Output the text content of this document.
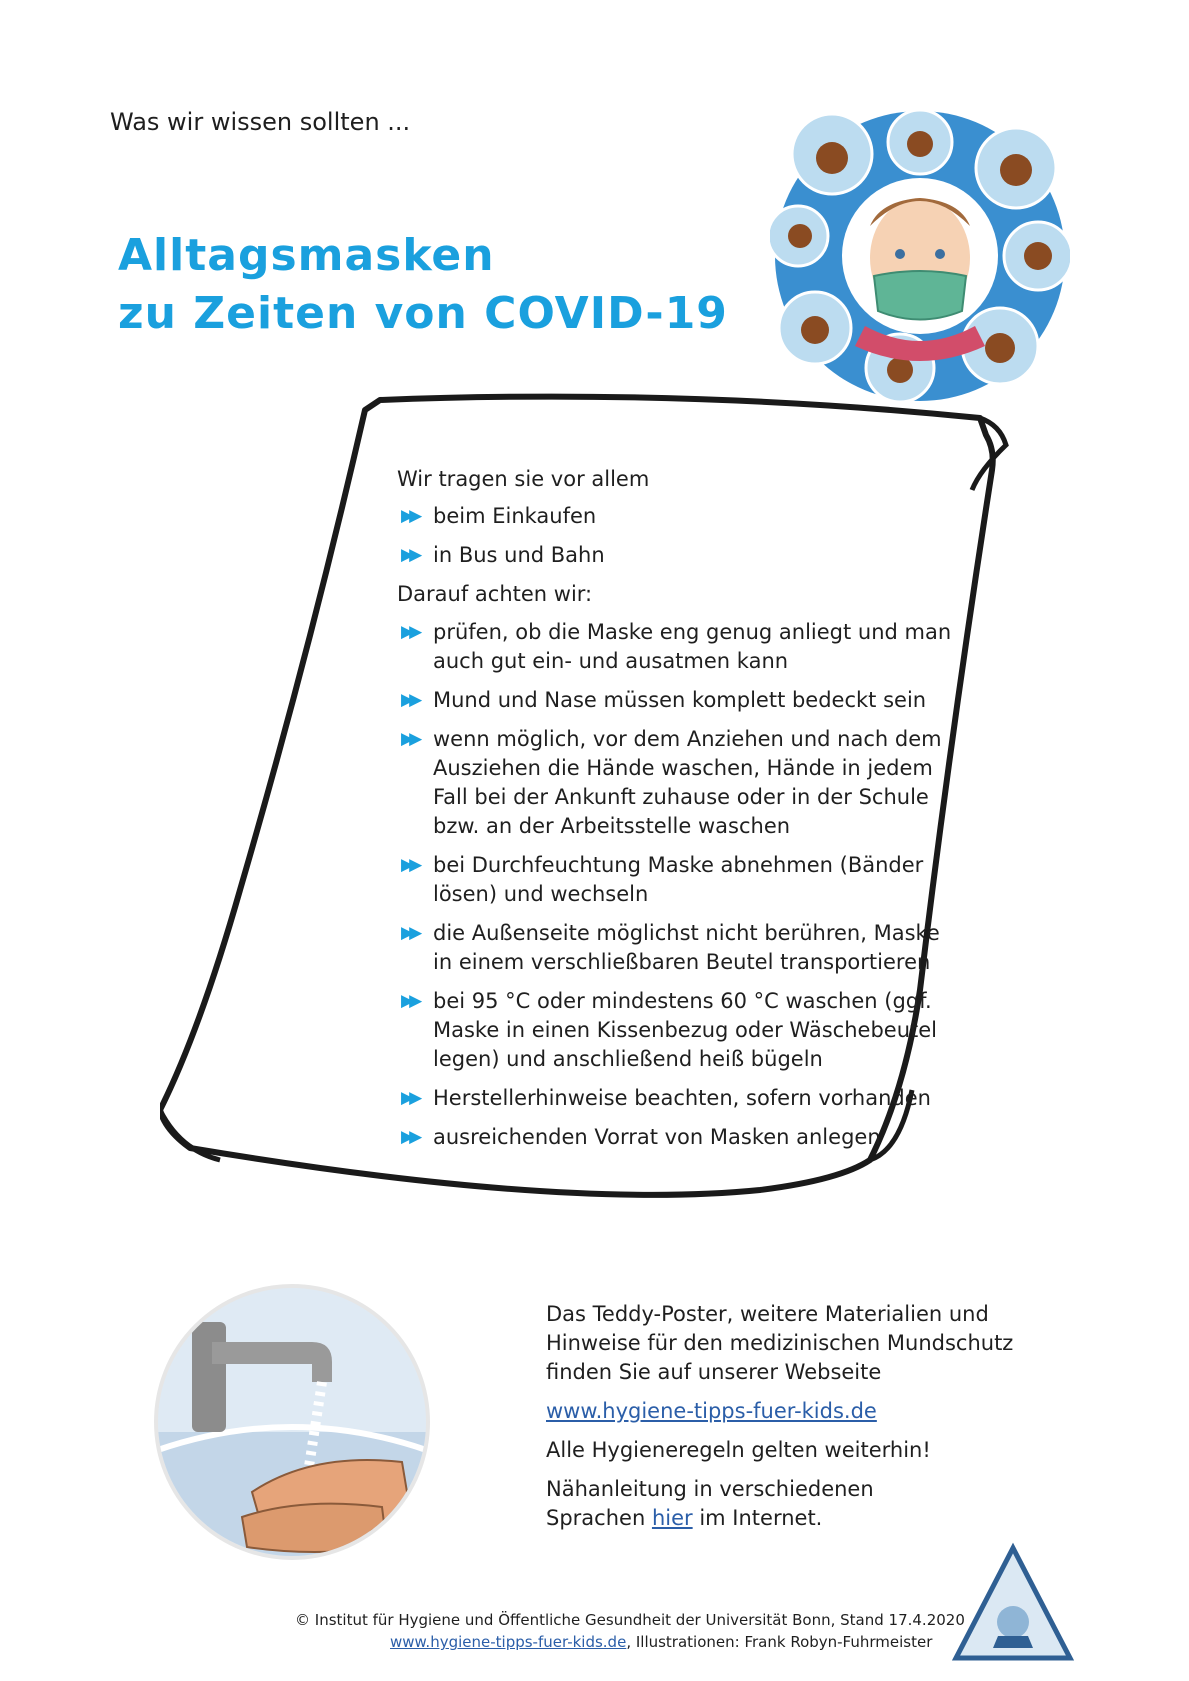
Was wir wissen sollten ...
Alltagsmasken
zu Zeiten von COVID-19
Wir tragen sie vor allem
▶▶ beim Einkaufen
▶▶ in Bus und Bahn
Darauf achten wir:
▶▶ prüfen, ob die Maske eng genug anliegt und man
auch gut ein- und ausatmen kann
▶▶ Mund und Nase müssen komplett bedeckt sein
▶▶ wenn möglich, vor dem Anziehen und nach dem
Ausziehen die Hände waschen, Hände in jedem
Fall bei der Ankunft zuhause oder in der Schule
bzw. an der Arbeitsstelle waschen
▶▶ bei Durchfeuchtung Maske abnehmen (Bänder
lösen) und wechseln
▶▶ die Außenseite möglichst nicht berühren, Maske
in einem verschließbaren Beutel transportieren
▶▶ bei 95 °C oder mindestens 60 °C waschen (ggf.
Maske in einen Kissenbezug oder Wäschebeutel
legen) und anschließend heiß bügeln
▶▶ Herstellerhinweise beachten, sofern vorhanden
▶▶ ausreichenden Vorrat von Masken anlegen

Das Teddy-Poster, weitere Materialien und
Hinweise für den medizinischen Mundschutz
finden Sie auf unserer Webseite

www.hygiene-tipps-fuer-kids.de

Alle Hygieneregeln gelten weiterhin!

Nähanleitung in verschiedenen
Sprachen hier im Internet.

© Institut für Hygiene und Öffentliche Gesundheit der Universität Bonn, Stand 17.4.2020
www.hygiene-tipps-fuer-kids.de, Illustrationen: Frank Robyn-Fuhrmeister
